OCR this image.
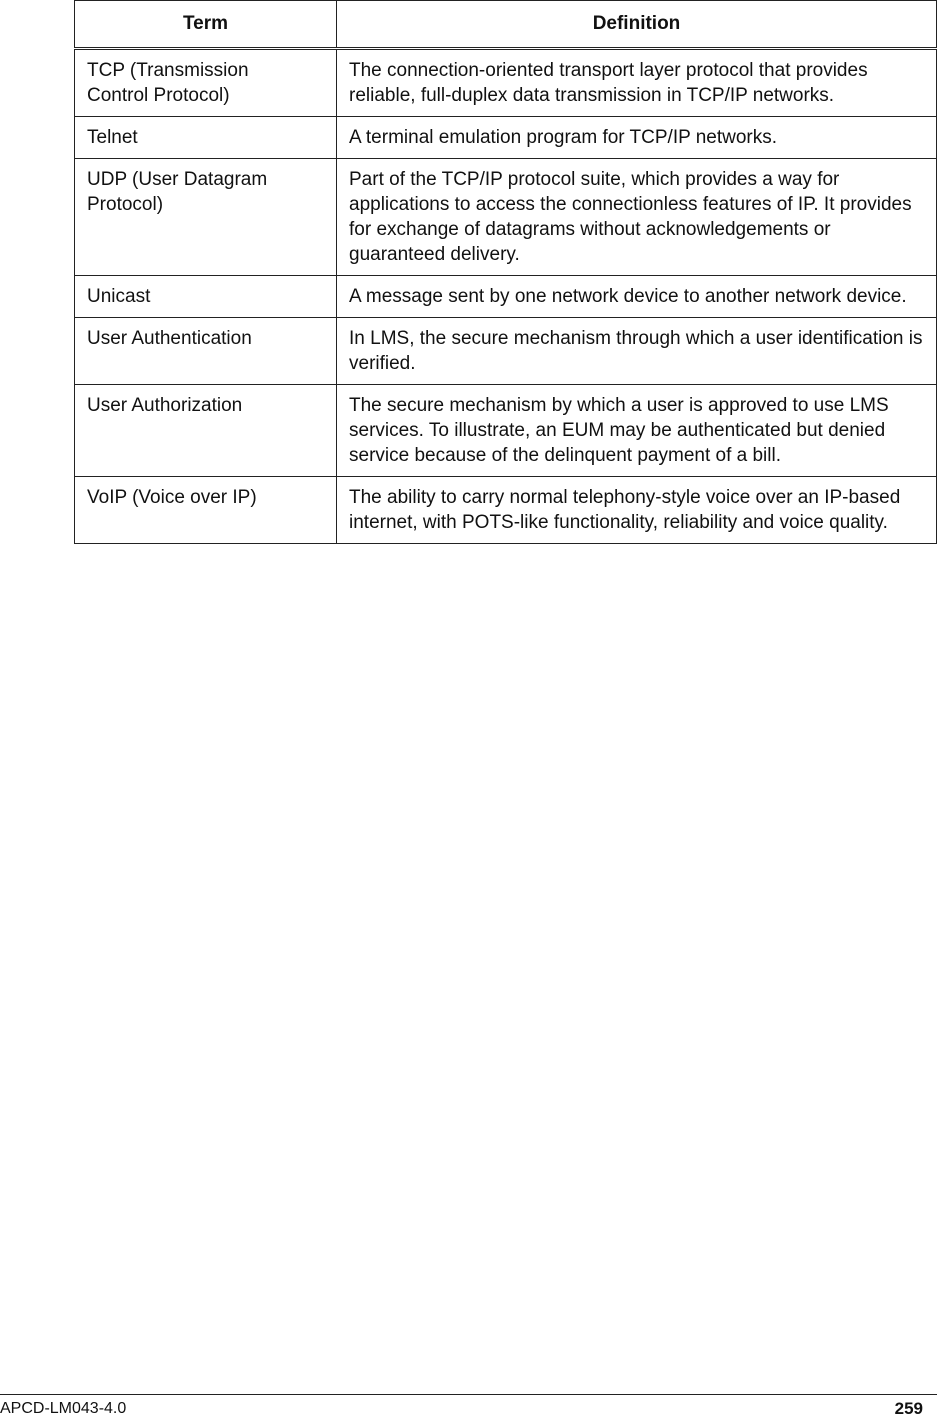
Term	Definition
TCP (Transmission Control Protocol)	The connection-oriented transport layer protocol that provides reliable, full-duplex data transmission in TCP/IP networks.
Telnet	A terminal emulation program for TCP/IP networks.
UDP (User Datagram Protocol)	Part of the TCP/IP protocol suite, which provides a way for applications to access the connectionless features of IP. It provides for exchange of datagrams without acknowledgements or guaranteed delivery.
Unicast	A message sent by one network device to another network device.
User Authentication	In LMS, the secure mechanism through which a user identification is verified.
User Authorization	The secure mechanism by which a user is approved to use LMS services. To illustrate, an EUM may be authenticated but denied service because of the delinquent payment of a bill.
VoIP (Voice over IP)	The ability to carry normal telephony-style voice over an IP-based internet, with POTS-like functionality, reliability and voice quality.
APCD-LM043-4.0	259
